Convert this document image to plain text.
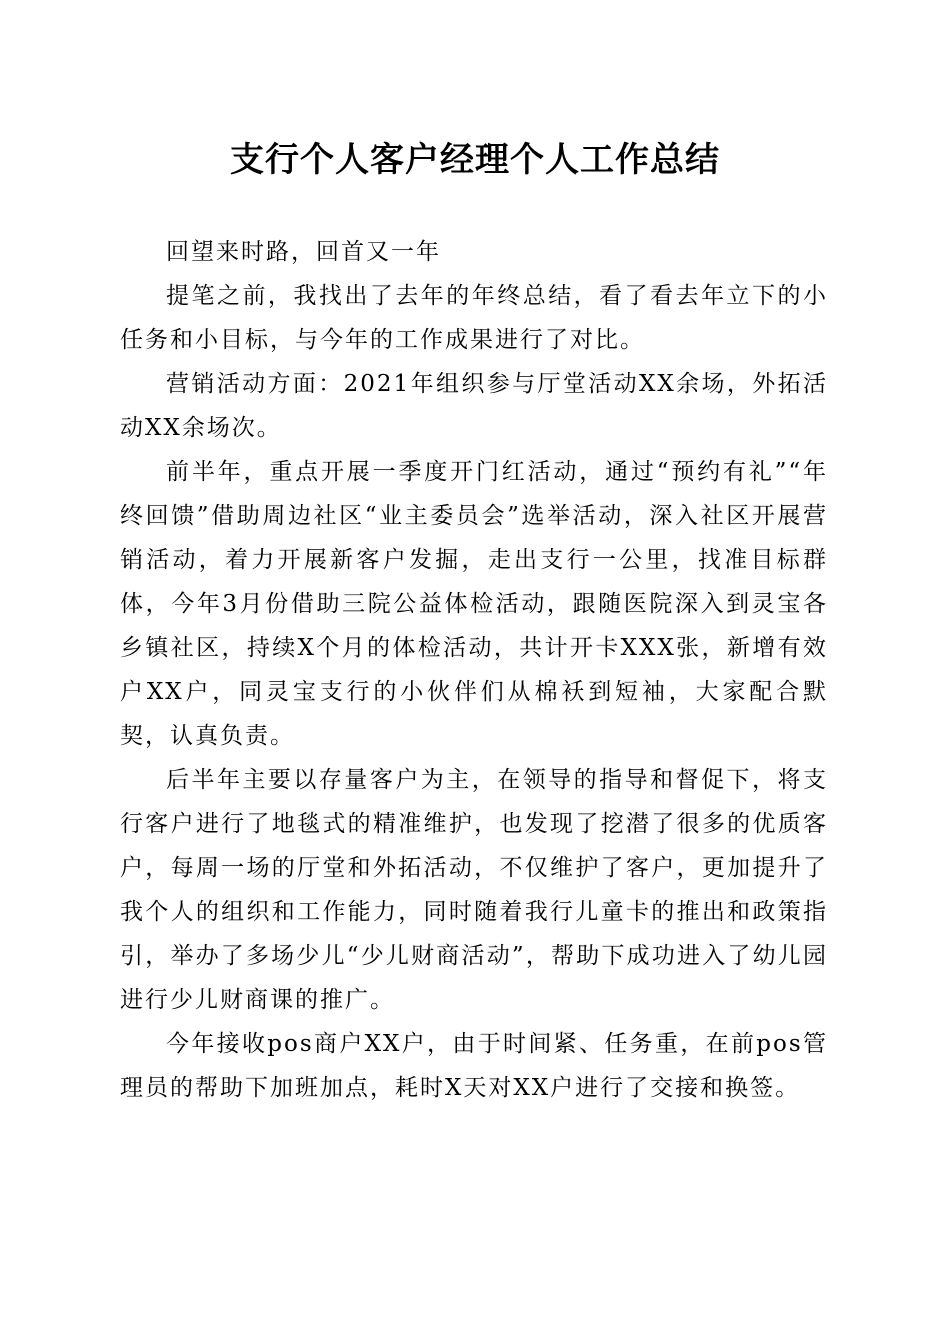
支行个人客户经理个人工作总结

回望来时路，回首又一年

提笔之前，我找出了去年的年终总结，看了看去年立下的小任务和小目标，与今年的工作成果进行了对比。

营销活动方面：2021年组织参与厅堂活动XX余场，外拓活动XX余场次。

前半年，重点开展一季度开门红活动，通过“预约有礼”“年终回馈”借助周边社区“业主委员会”选举活动，深入社区开展营销活动，着力开展新客户发掘，走出支行一公里，找准目标群体，今年3月份借助三院公益体检活动，跟随医院深入到灵宝各乡镇社区，持续X个月的体检活动，共计开卡XXX张，新增有效户XX户，同灵宝支行的小伙伴们从棉袄到短袖，大家配合默契，认真负责。

后半年主要以存量客户为主，在领导的指导和督促下，将支行客户进行了地毯式的精准维护，也发现了挖潜了很多的优质客户，每周一场的厅堂和外拓活动，不仅维护了客户，更加提升了我个人的组织和工作能力，同时随着我行儿童卡的推出和政策指引，举办了多场少儿“少儿财商活动”，帮助下成功进入了幼儿园进行少儿财商课的推广。

今年接收pos商户XX户，由于时间紧、任务重，在前pos管理员的帮助下加班加点，耗时X天对XX户进行了交接和换签。
